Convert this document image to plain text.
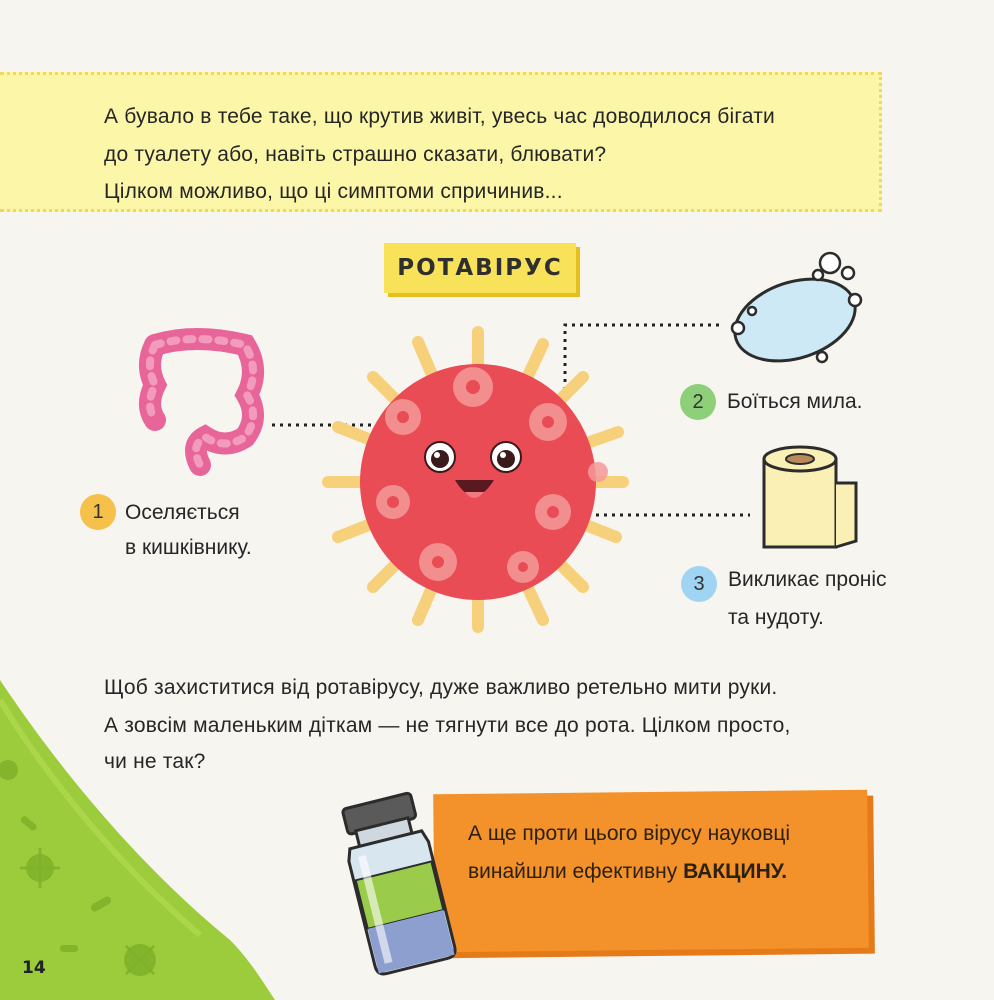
А бувало в тебе таке, що крутив живіт, увесь час доводилося бігати
до туалету або, навіть страшно сказати, блювати?
Цілком можливо, що ці симптоми спричинив...
РОТАВІРУС
1	Оселяється
в кишківнику.
2	Боїться мила.
3	Викликає проніс
та нудоту.
Щоб захиститися від ротавірусу, дуже важливо ретельно мити руки.
А зовсім маленьким діткам — не тягнути все до рота. Цілком просто,
чи не так?
А ще проти цього вірусу науковці
винайшли ефективну ВАКЦИНУ.
14
